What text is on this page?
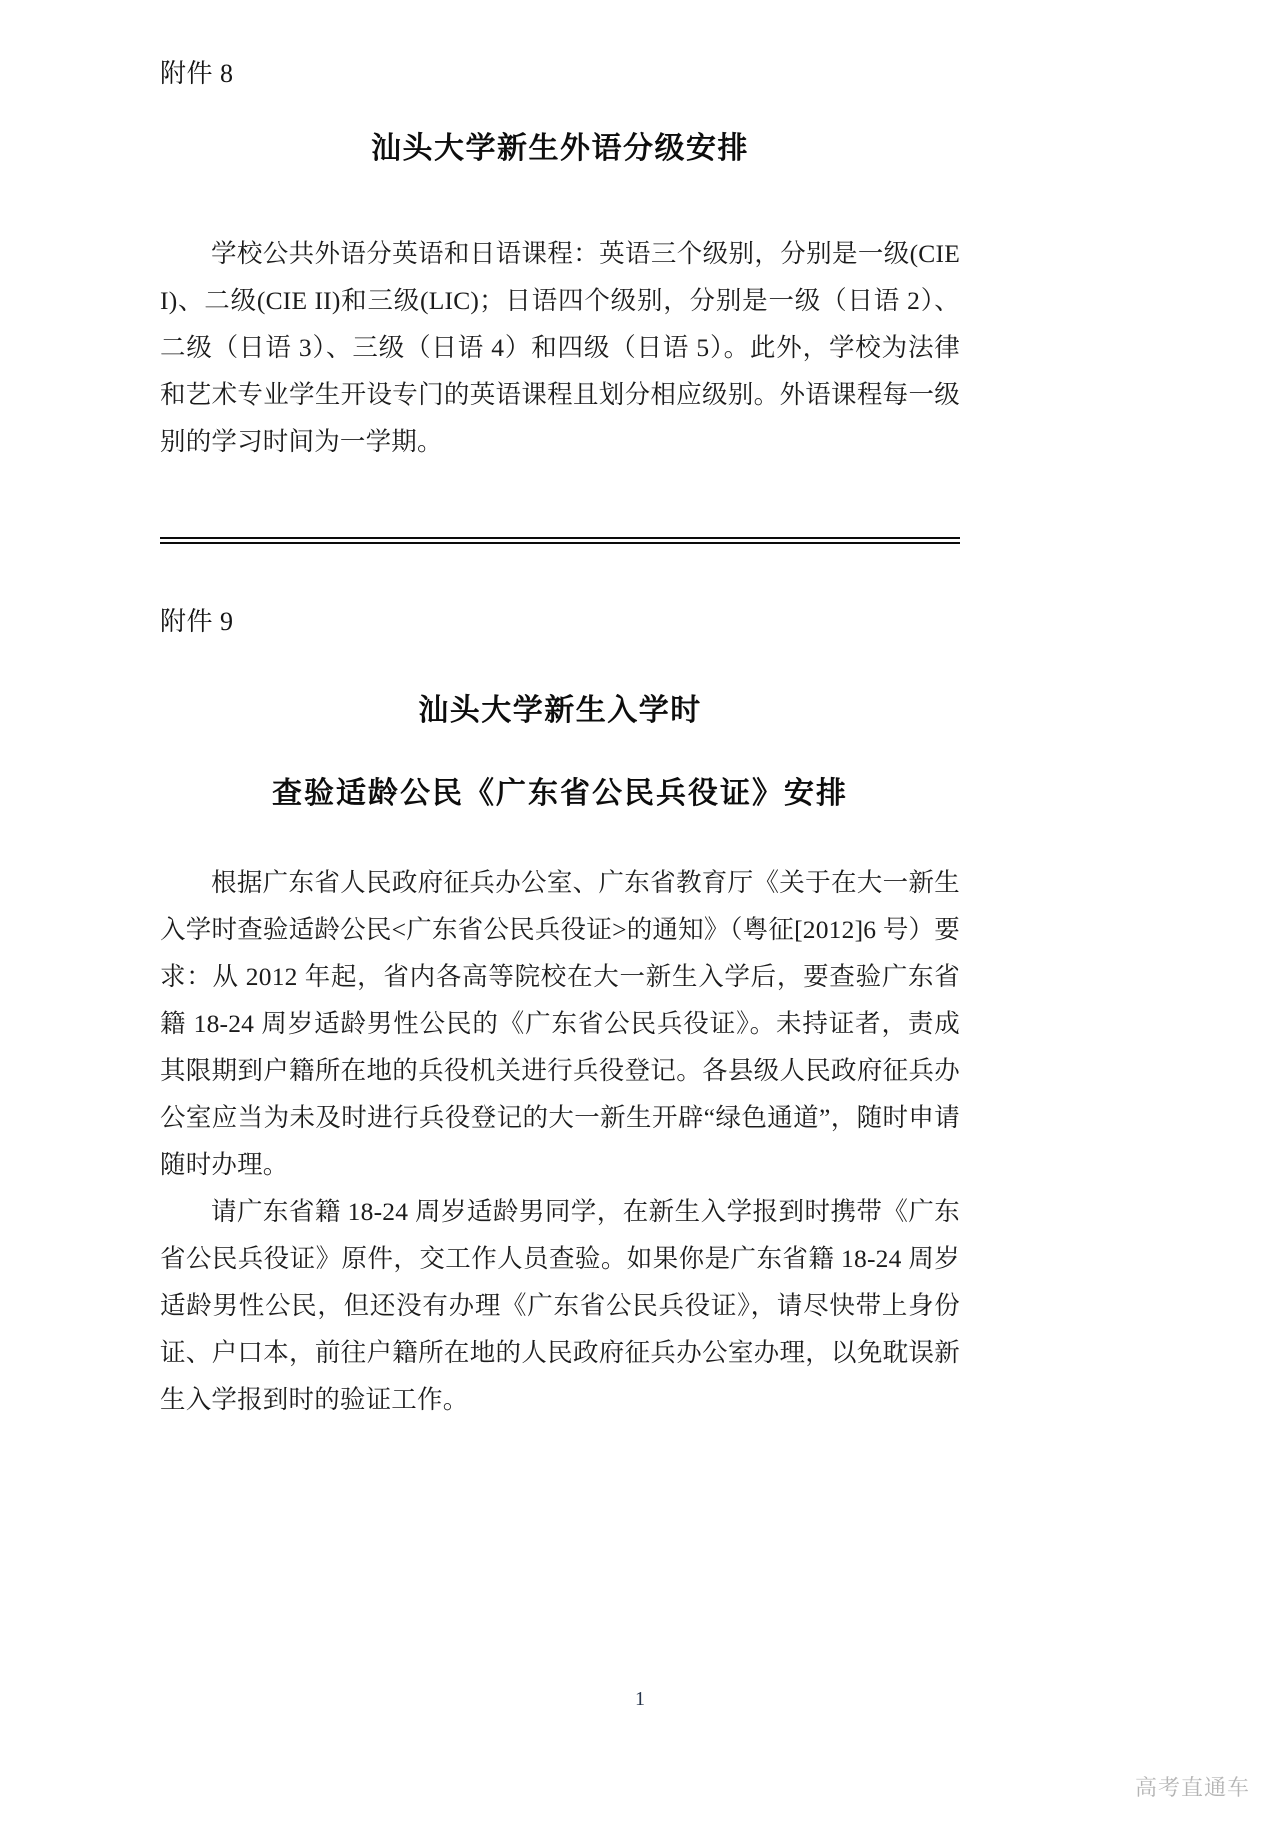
附件 8
汕头大学新生外语分级安排
学校公共外语分英语和日语课程：英语三个级别，分别是一级(CIE I)、二级(CIE II)和三级(LIC)；日语四个级别，分别是一级（日语 2）、二级（日语 3）、三级（日语 4）和四级（日语 5）。此外，学校为法律和艺术专业学生开设专门的英语课程且划分相应级别。外语课程每一级别的学习时间为一学期。
附件 9
汕头大学新生入学时
查验适龄公民《广东省公民兵役证》安排
根据广东省人民政府征兵办公室、广东省教育厅《关于在大一新生入学时查验适龄公民<广东省公民兵役证>的通知》（粤征[2012]6 号）要求：从 2012 年起，省内各高等院校在大一新生入学后，要查验广东省籍 18-24 周岁适龄男性公民的《广东省公民兵役证》。未持证者，责成其限期到户籍所在地的兵役机关进行兵役登记。各县级人民政府征兵办公室应当为未及时进行兵役登记的大一新生开辟“绿色通道”，随时申请随时办理。
请广东省籍 18-24 周岁适龄男同学，在新生入学报到时携带《广东省公民兵役证》原件，交工作人员查验。如果你是广东省籍 18-24 周岁适龄男性公民，但还没有办理《广东省公民兵役证》，请尽快带上身份证、户口本，前往户籍所在地的人民政府征兵办公室办理，以免耽误新生入学报到时的验证工作。
1
高考直通车
